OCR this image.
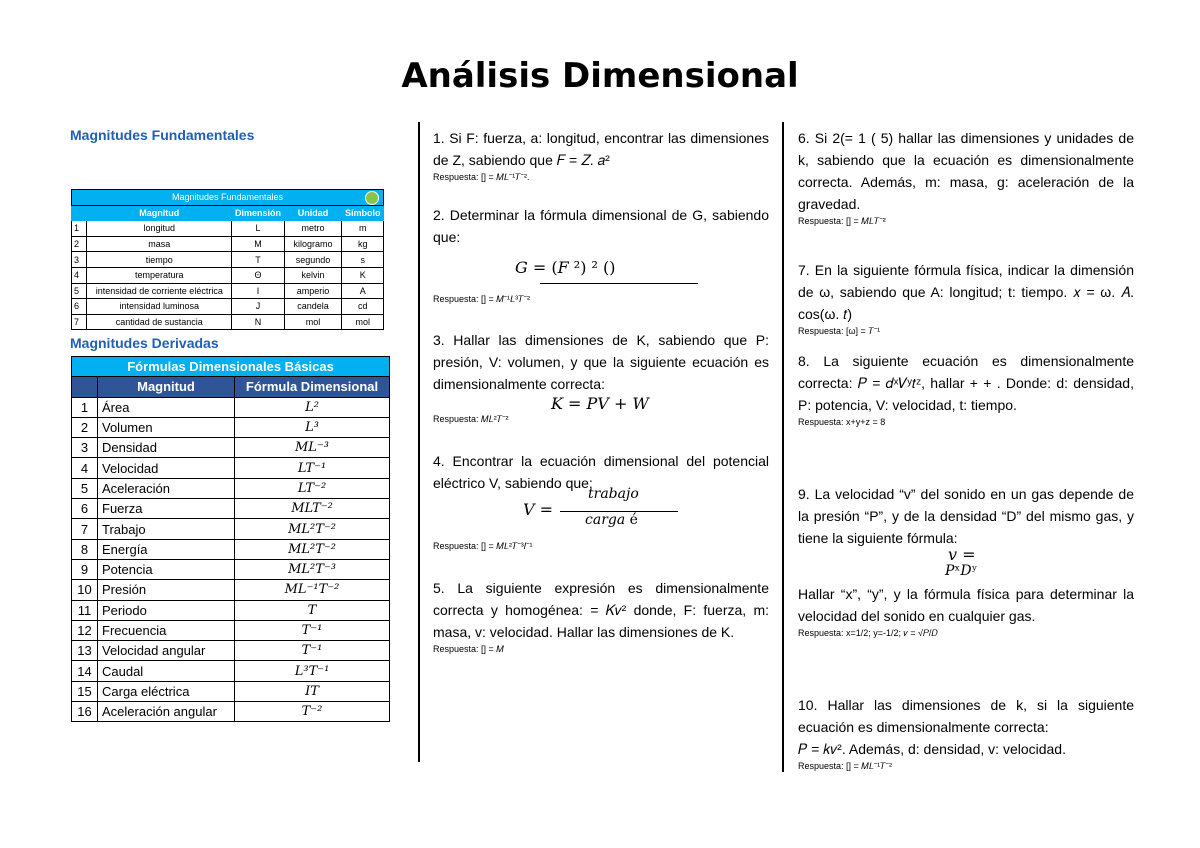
Análisis Dimensional
Magnitudes Fundamentales
Magnitudes Fundamentales				

	Magnitud	Dimensión	Unidad	Símbolo
1	longitud	L	metro	m
2	masa	M	kilogramo	kg
3	tiempo	T	segundo	s
4	temperatura	Θ	kelvin	K
5	intensidad de corriente eléctrica	I	amperio	A
6	intensidad luminosa	J	candela	cd
7	cantidad de sustancia	N	mol	mol
Magnitudes Derivadas
Fórmulas Dimensionales Básicas		
	Magnitud	Fórmula Dimensional
1	Área	L²
2	Volumen	L³
3	Densidad	ML⁻³
4	Velocidad	LT⁻¹
5	Aceleración	LT⁻²
6	Fuerza	MLT⁻²
7	Trabajo	ML²T⁻²
8	Energía	ML²T⁻²
9	Potencia	ML²T⁻³
10	Presión	ML⁻¹T⁻²
11	Periodo	T
12	Frecuencia	T⁻¹
13	Velocidad angular	T⁻¹
14	Caudal	L³T⁻¹
15	Carga eléctrica	IT
16	Aceleración angular	T⁻²
1. Si F: fuerza, a: longitud, encontrar las dimensiones de Z, sabiendo que 𝐹 = 𝑍. 𝑎²
Respuesta: [] = 𝑀𝐿⁻¹𝑇⁻².
2. Determinar la fórmula dimensional de G, sabiendo que:
𝐺 = (𝐹 ²) ² ()
Respuesta: [] = 𝑀⁻¹𝐿³𝑇⁻²
3. Hallar las dimensiones de K, sabiendo que P: presión, V: volumen, y que la siguiente ecuación es dimensionalmente correcta:
𝐾 = 𝑃𝑉 + 𝑊
Respuesta: 𝑀𝐿²𝑇⁻²
4. Encontrar la ecuación dimensional del potencial eléctrico V, sabiendo que:
𝑉 =
𝑡𝑟𝑎𝑏𝑎𝑗𝑜
𝑐𝑎𝑟𝑔𝑎 é
Respuesta: [] = 𝑀𝐿²𝑇⁻³𝐼⁻¹
5. La siguiente expresión es dimensionalmente correcta y homogénea: = 𝐾𝑣² donde, F: fuerza, m: masa, v: velocidad. Hallar las dimensiones de K.
Respuesta: [] = 𝑀
6. Si 2(= 1 ( 5) hallar las dimensiones y unidades de k, sabiendo que la ecuación es dimensionalmente correcta. Además, m: masa, g: aceleración de la gravedad.
Respuesta: [] = 𝑀𝐿𝑇⁻²
7. En la siguiente fórmula física, indicar la dimensión de ω, sabiendo que A: longitud; t: tiempo. 𝑥 = ω. 𝐴. cos(ω. 𝑡)
Respuesta: [ω] = 𝑇⁻¹
8. La siguiente ecuación es dimensionalmente correcta: 𝑃 = 𝑑ˣ𝑉ʸ𝑡ᶻ, hallar + + . Donde: d: densidad, P: potencia, V: velocidad, t: tiempo.
Respuesta: x+y+z = 8
9. La velocidad “v” del sonido en un gas depende de la presión “P”, y de la densidad “D” del mismo gas, y tiene la siguiente fórmula:
𝑣 =
𝑃ˣ𝐷ʸ
Hallar “x”, “y”, y la fórmula física para determinar la velocidad del sonido en cualquier gas.
Respuesta: x=1/2; y=-1/2; 𝑣 = √𝑃/𝐷
10. Hallar las dimensiones de k, si la siguiente ecuación es dimensionalmente correcta:
𝑃 = 𝑘𝑣². Además, d: densidad, v: velocidad.
Respuesta: [] = 𝑀𝐿⁻¹𝑇⁻²
